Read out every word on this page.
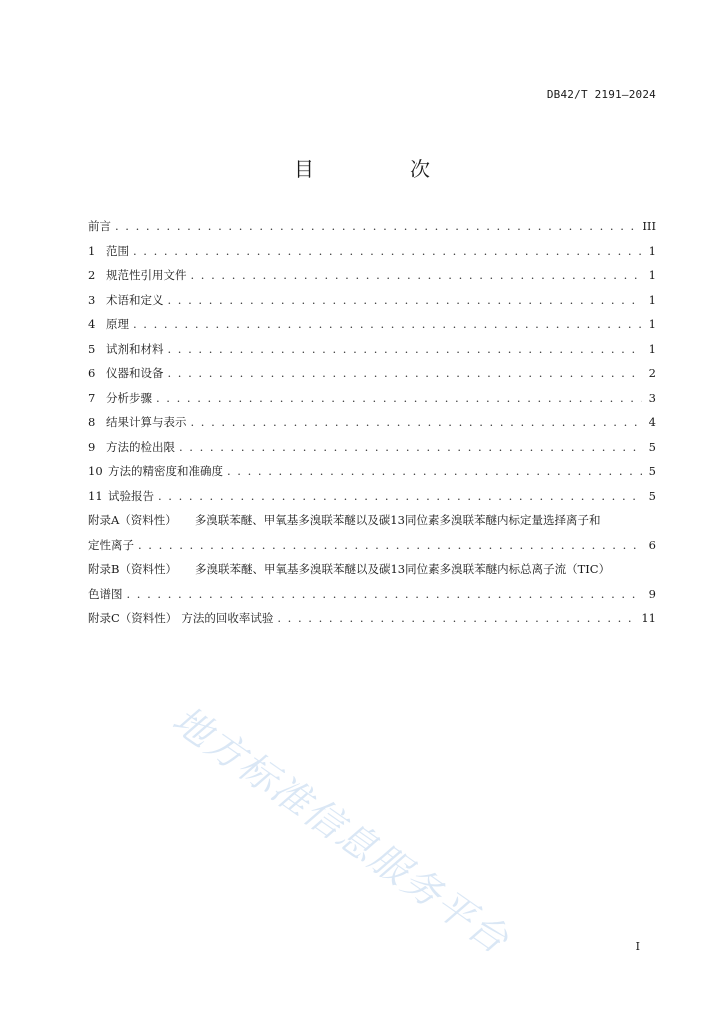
DB42/T 2191—2024
目　次
前言 . . .	III
1 范围 . . .	1
2 规范性引用文件 . . .	1
3 术语和定义 . . .	1
4 原理 . . .	1
5 试剂和材料 . . .	1
6 仪器和设备 . . .	2
7 分析步骤 . . .	3
8 结果计算与表示 . . .	4
9 方法的检出限 . . .	5
10 方法的精密度和准确度 . . .	5
11 试验报告 . . .	5
附录A（资料性） 多溴联苯醚、甲氧基多溴联苯醚以及碳13同位素多溴联苯醚内标定量选择离子和
定性离子 . . .	6
附录B（资料性） 多溴联苯醚、甲氧基多溴联苯醚以及碳13同位素多溴联苯醚内标总离子流（TIC）
色谱图 . . .	9
附录C（资料性） 方法的回收率试验 . . .	11
地方标准信息服务平台	I
